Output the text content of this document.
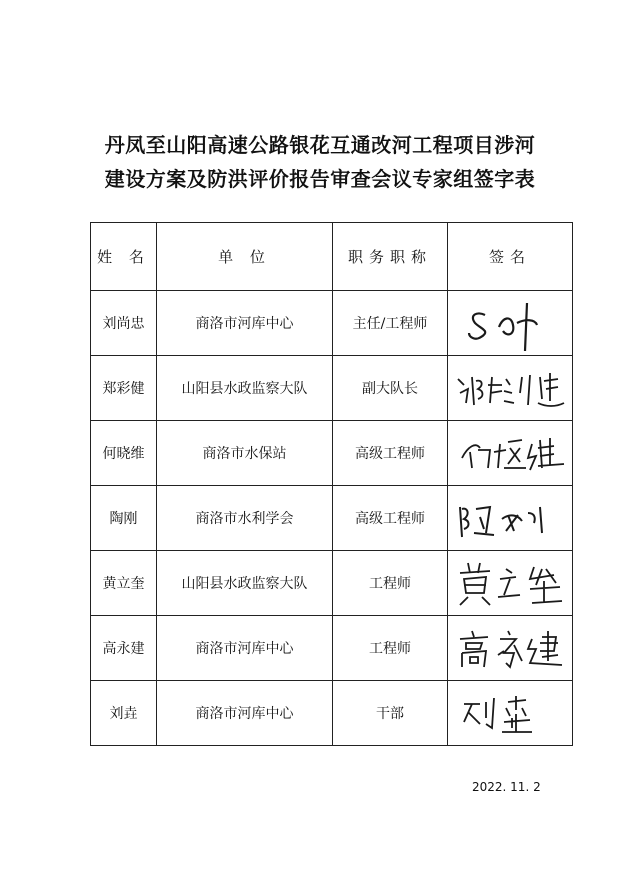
丹凤至山阳高速公路银花互通改河工程项目涉河
建设方案及防洪评价报告审查会议专家组签字表
姓 名	单 位	职务职称	签名
刘尚忠	商洛市河库中心	主任/工程师	

郑彩健	山阳县水政监察大队	副大队长	

何晓维	商洛市水保站	高级工程师	

陶刚	商洛市水利学会	高级工程师	

黄立奎	山阳县水政监察大队	工程师	

高永建	商洛市河库中心	工程师	

刘垚	商洛市河库中心	干部	
2022. 11. 2
